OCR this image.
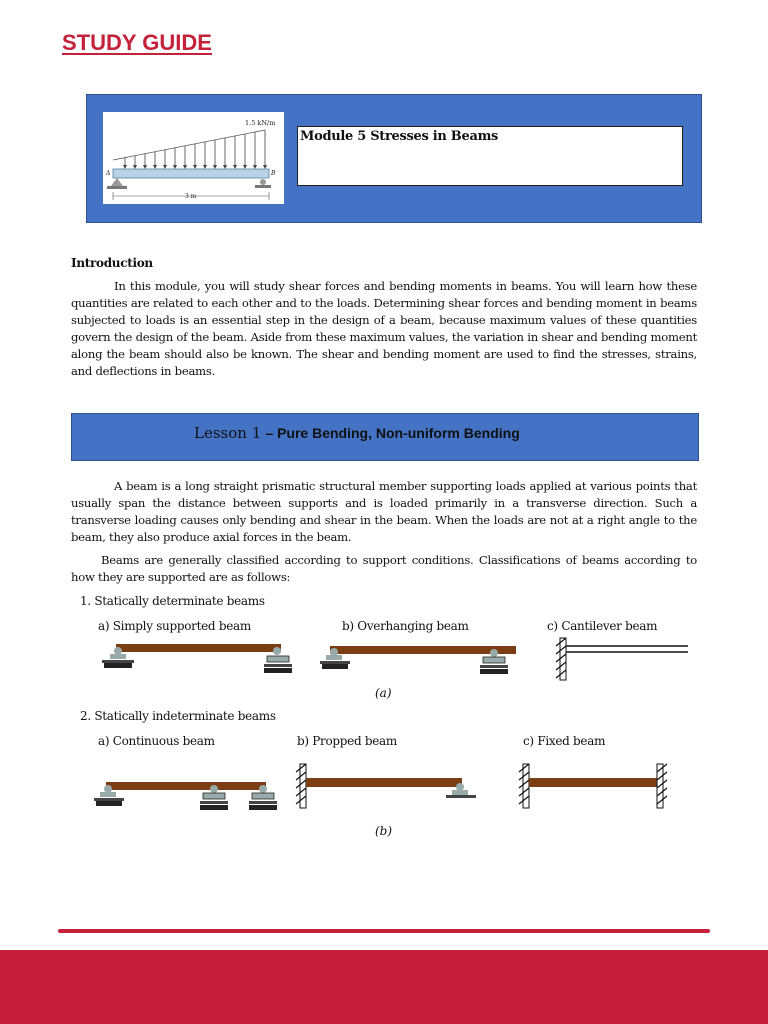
STUDY GUIDE
1.5 kN/m
3 m
A	B
Module 5 Stresses in Beams
Introduction

In this module, you will study shear forces and bending moments in beams. You will learn how these quantities are related to each other and to the loads. Determining shear forces and bending moment in beams subjected to loads is an essential step in the design of a beam, because maximum values of these quantities govern the design of the beam. Aside from these maximum values, the variation in shear and bending moment along the beam should also be known. The shear and bending moment are used to find the stresses, strains, and deflections in beams.

Lesson 1 – Pure Bending, Non-uniform Bending

A beam is a long straight prismatic structural member supporting loads applied at various points that usually span the distance between supports and is loaded primarily in a transverse direction. Such a transverse loading causes only bending and shear in the beam. When the loads are not at a right angle to the beam, they also produce axial forces in the beam.

Beams are generally classified according to support conditions. Classifications of beams according to how they are supported are as follows:

1. Statically determinate beams
a) Simply supported beam	b) Overhanging beam	c) Cantilever beam
(a)
2. Statically indeterminate beams
a) Continuous beam	b) Propped beam	c) Fixed beam
(b)
